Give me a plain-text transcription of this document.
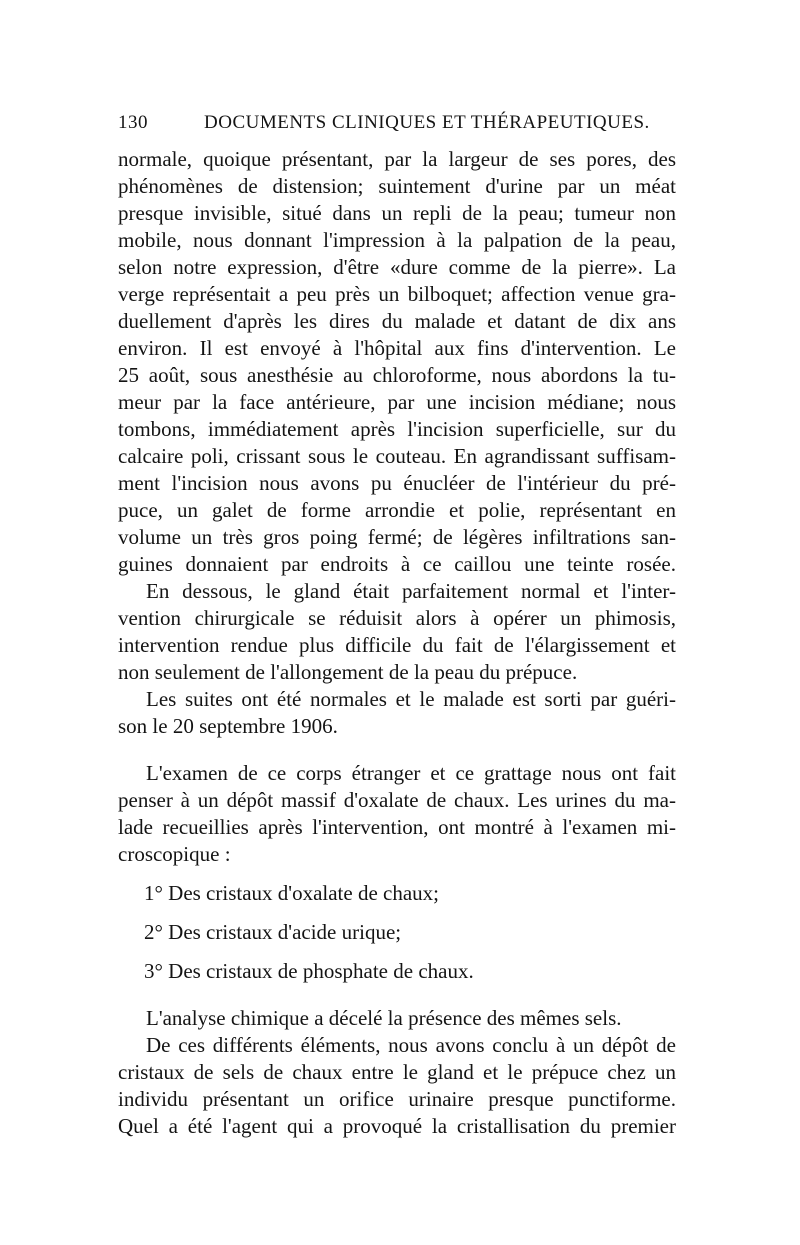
130	DOCUMENTS CLINIQUES ET THÉRAPEUTIQUES.
normale, quoique présentant, par la largeur de ses pores, des
phénomènes de distension; suintement d'urine par un méat
presque invisible, situé dans un repli de la peau; tumeur non
mobile, nous donnant l'impression à la palpation de la peau,
selon notre expression, d'être «dure comme de la pierre». La
verge représentait a peu près un bilboquet; affection venue gra-
duellement d'après les dires du malade et datant de dix ans
environ. Il est envoyé à l'hôpital aux fins d'intervention. Le
25 août, sous anesthésie au chloroforme, nous abordons la tu-
meur par la face antérieure, par une incision médiane; nous
tombons, immédiatement après l'incision superficielle, sur du
calcaire poli, crissant sous le couteau. En agrandissant suffisam-
ment l'incision nous avons pu énucléer de l'intérieur du pré-
puce, un galet de forme arrondie et polie, représentant en
volume un très gros poing fermé; de légères infiltrations san-
guines donnaient par endroits à ce caillou une teinte rosée.
En dessous, le gland était parfaitement normal et l'inter-
vention chirurgicale se réduisit alors à opérer un phimosis,
intervention rendue plus difficile du fait de l'élargissement et
non seulement de l'allongement de la peau du prépuce.
Les suites ont été normales et le malade est sorti par guéri-
son le 20 septembre 1906.
L'examen de ce corps étranger et ce grattage nous ont fait
penser à un dépôt massif d'oxalate de chaux. Les urines du ma-
lade recueillies après l'intervention, ont montré à l'examen mi-
croscopique :
1° Des cristaux d'oxalate de chaux;
2° Des cristaux d'acide urique;
3° Des cristaux de phosphate de chaux.
L'analyse chimique a décelé la présence des mêmes sels.
De ces différents éléments, nous avons conclu à un dépôt de
cristaux de sels de chaux entre le gland et le prépuce chez un
individu présentant un orifice urinaire presque punctiforme.
Quel a été l'agent qui a provoqué la cristallisation du premier
